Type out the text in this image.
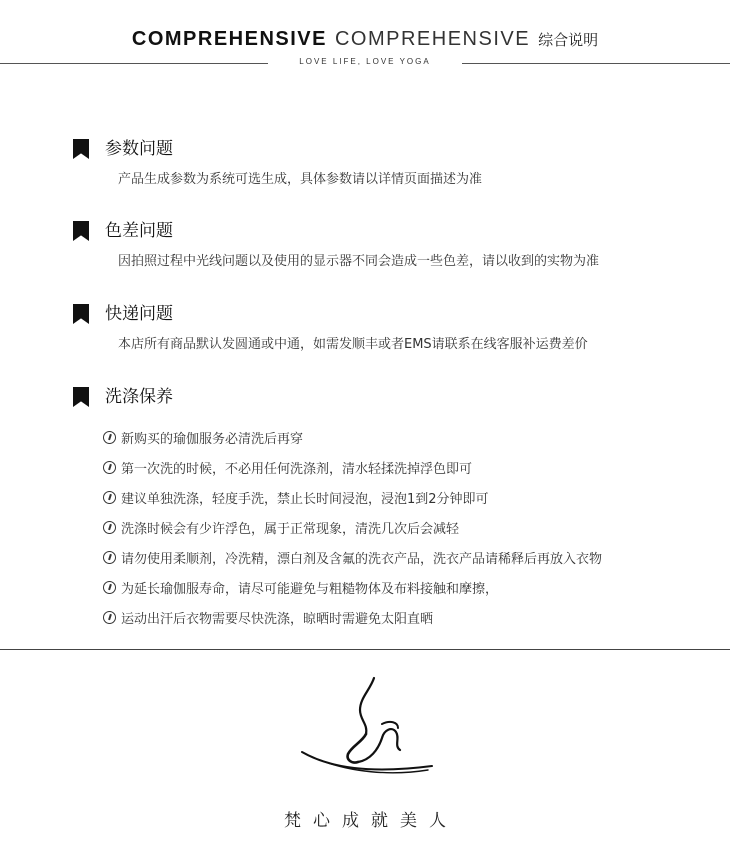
COMPREHENSIVE COMPREHENSIVE 综合说明
LOVE LIFE, LOVE YOGA
参数问题
产品生成参数为系统可选生成，具体参数请以详情页面描述为准
色差问题
因拍照过程中光线问题以及使用的显示器不同会造成一些色差，请以收到的实物为准
快递问题
本店所有商品默认发圆通或中通，如需发顺丰或者EMS请联系在线客服补运费差价
洗涤保养
新购买的瑜伽服务必清洗后再穿
第一次洗的时候，不必用任何洗涤剂，清水轻揉洗掉浮色即可
建议单独洗涤，轻度手洗，禁止长时间浸泡，浸泡1到2分钟即可
洗涤时候会有少许浮色，属于正常现象，清洗几次后会减轻
请勿使用柔顺剂，冷洗精，漂白剂及含氟的洗衣产品，洗衣产品请稀释后再放入衣物
为延长瑜伽服寿命，请尽可能避免与粗糙物体及布料接触和摩擦，
运动出汗后衣物需要尽快洗涤，晾晒时需避免太阳直晒
梵心成就美人
